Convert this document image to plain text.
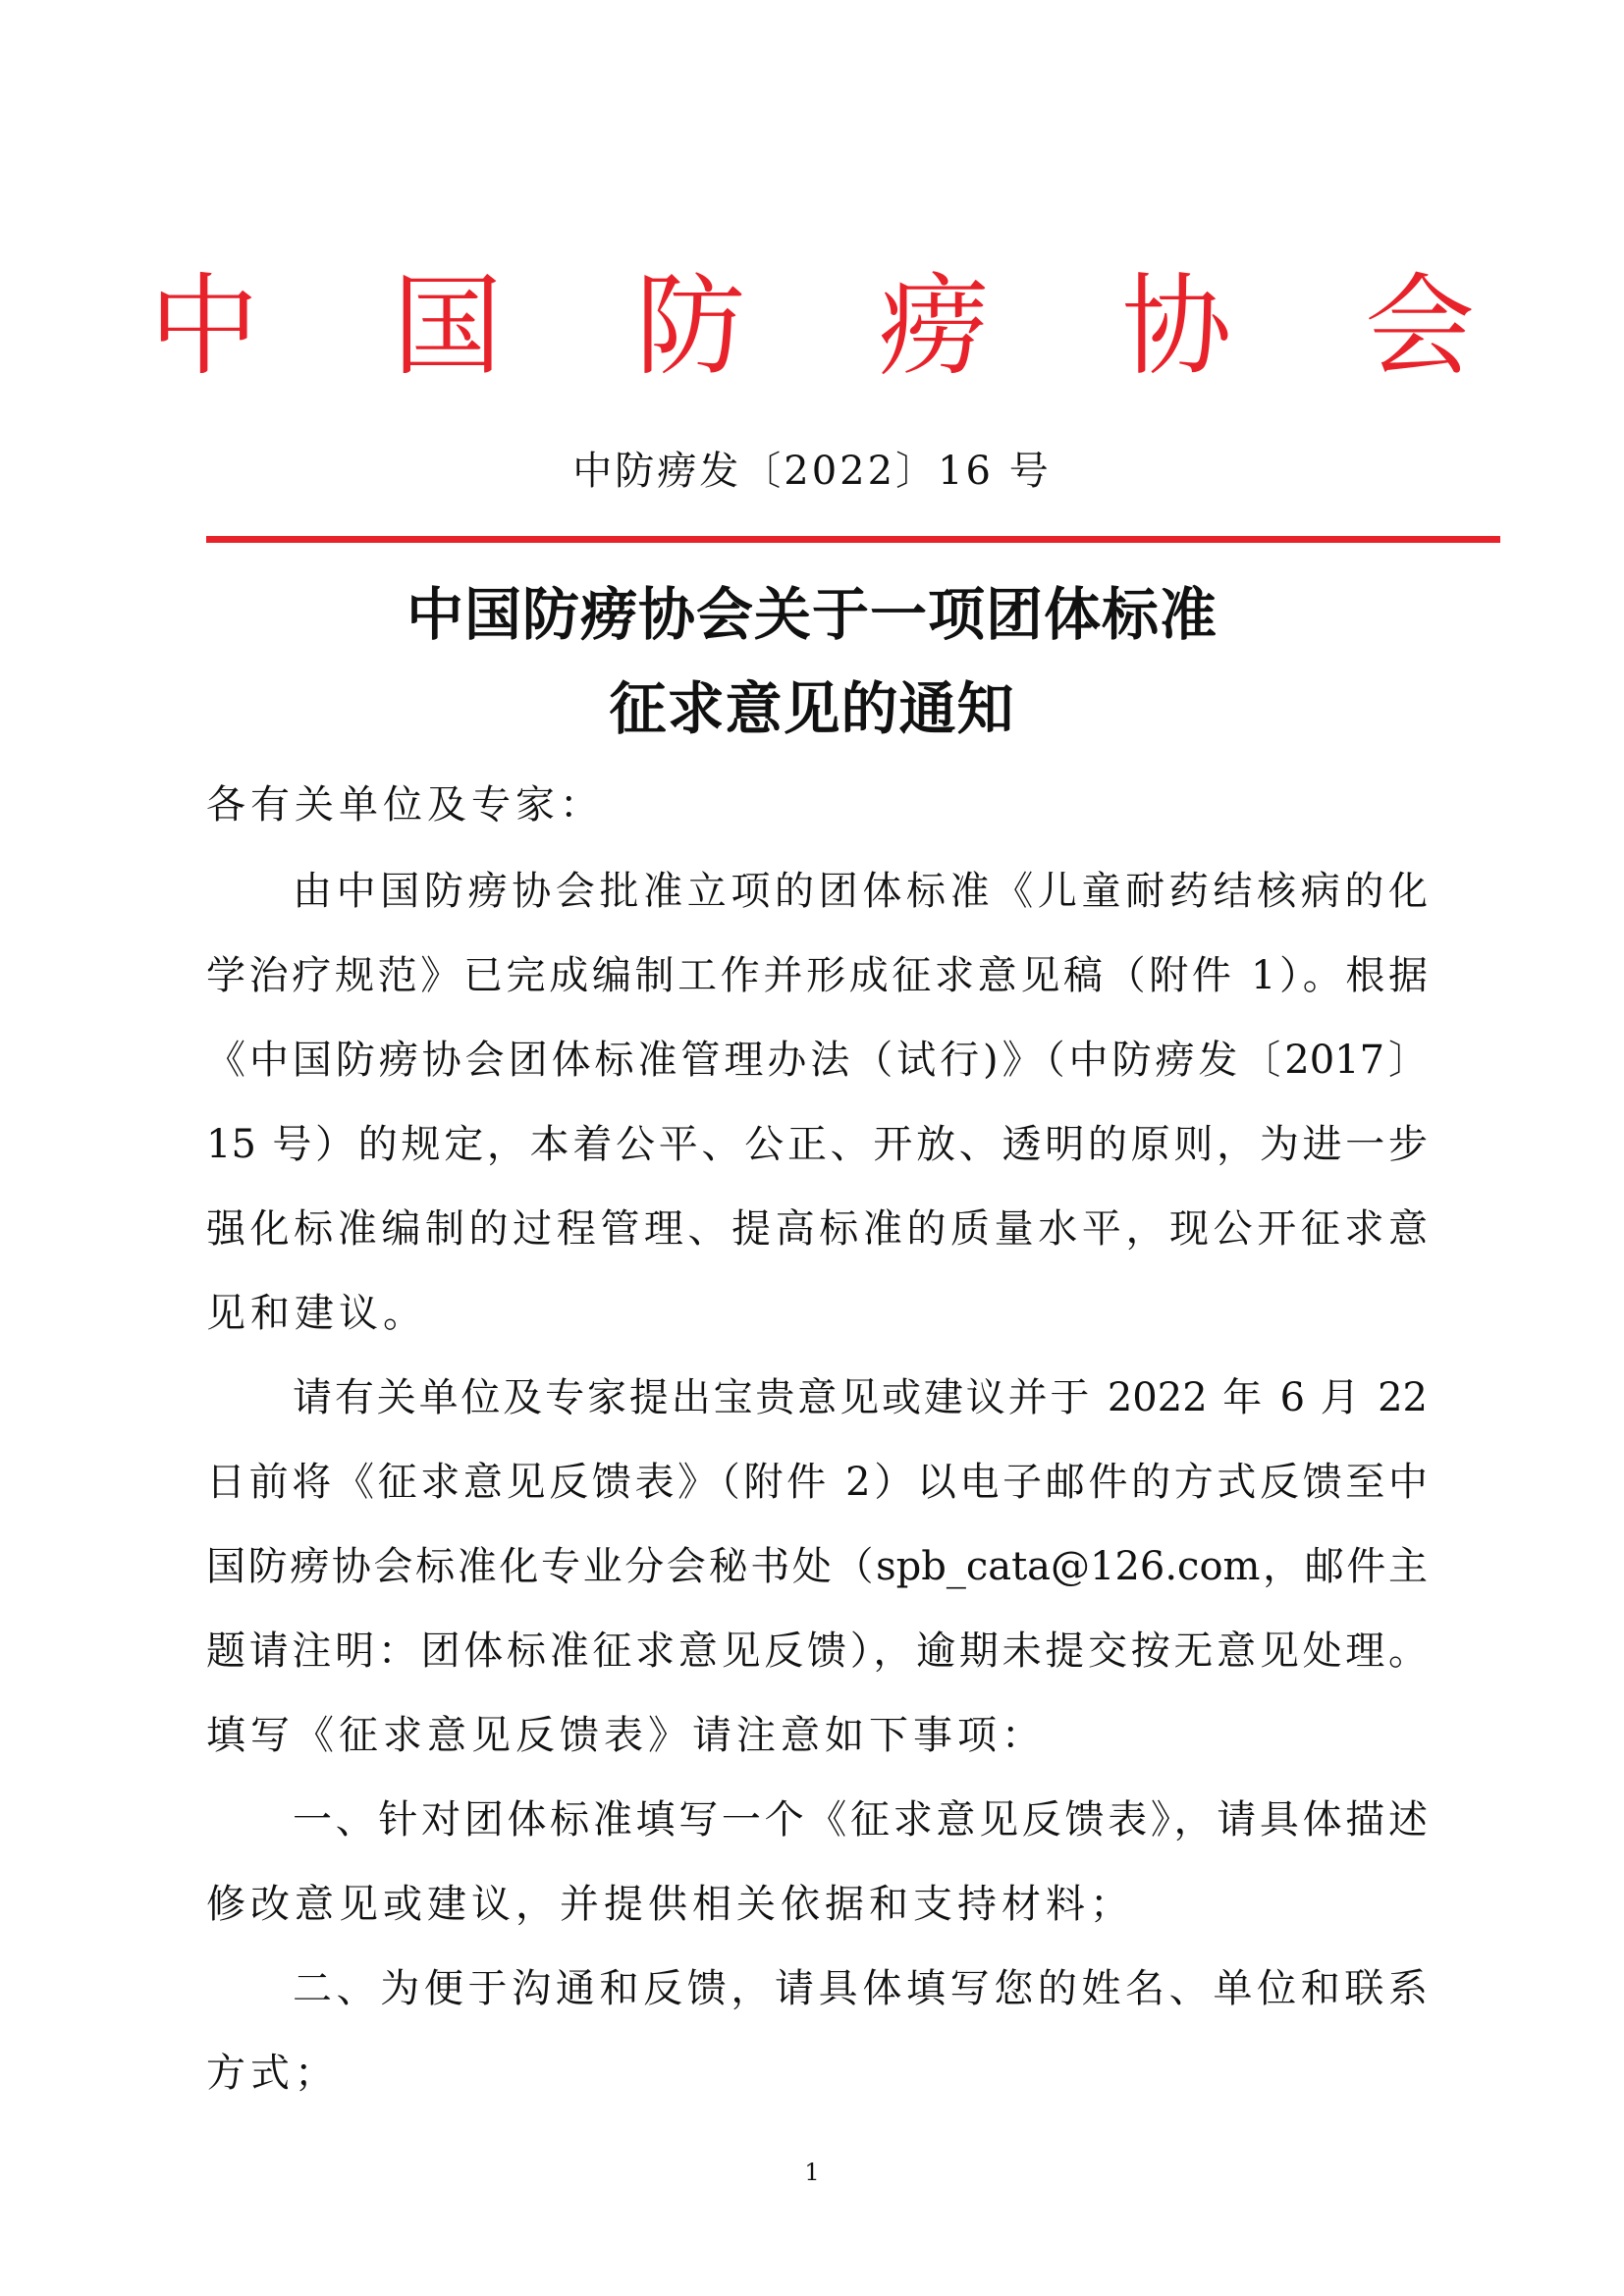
中 国 防 痨 协 会
中防痨发〔2022〕16 号
中国防痨协会关于一项团体标准
征求意见的通知
各有关单位及专家：
由中国防痨协会批准立项的团体标准《儿童耐药结核病的化
学治疗规范》已完成编制工作并形成征求意见稿（附件 1）。根据
《中国防痨协会团体标准管理办法（试行)》（中防痨发〔2017〕
15 号）的规定，本着公平、公正、开放、透明的原则，为进一步
强化标准编制的过程管理、提高标准的质量水平，现公开征求意
见和建议。
请有关单位及专家提出宝贵意见或建议并于 2022 年 6 月 22
日前将《征求意见反馈表》（附件 2）以电子邮件的方式反馈至中
国防痨协会标准化专业分会秘书处（spb_cata@126.com，邮件主
题请注明：团体标准征求意见反馈），逾期未提交按无意见处理。
填写《征求意见反馈表》请注意如下事项：
一、针对团体标准填写一个《征求意见反馈表》，请具体描述
修改意见或建议，并提供相关依据和支持材料；
二、为便于沟通和反馈，请具体填写您的姓名、单位和联系
方式；
1
